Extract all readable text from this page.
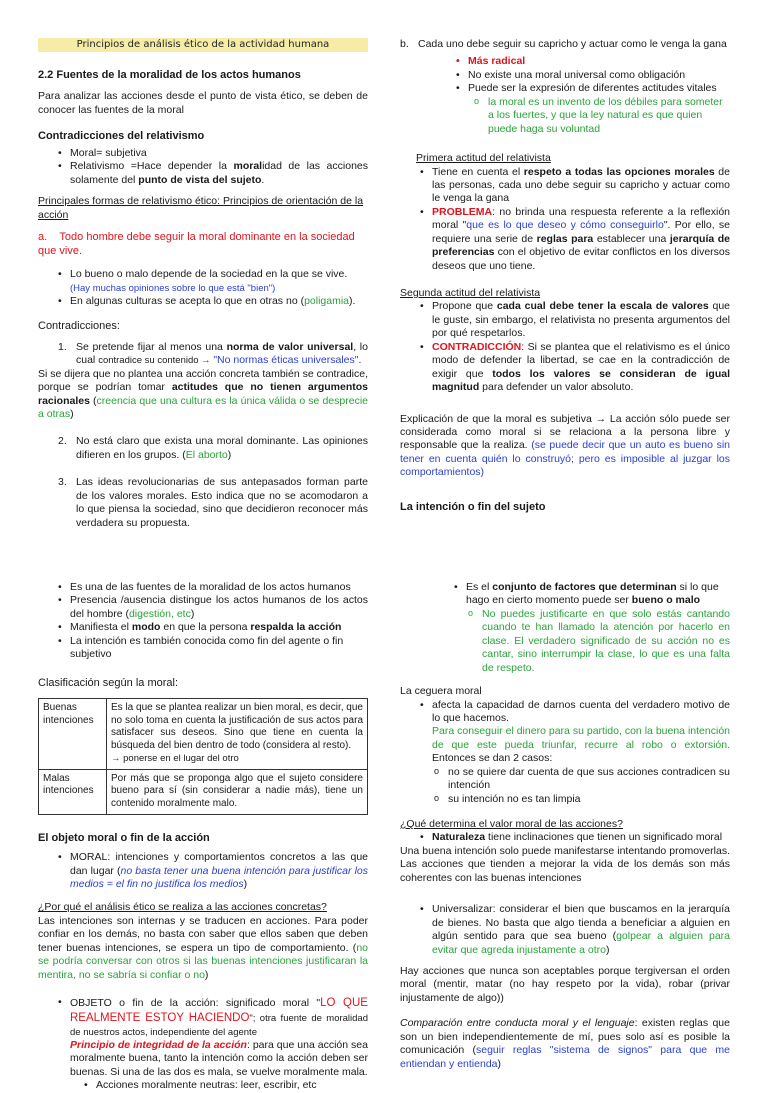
Principios de análisis ético de la actividad humana
2.2 Fuentes de la moralidad de los actos humanos

Para analizar las acciones desde el punto de vista ético, se deben de conocer las fuentes de la moral

Contradicciones del relativismo
• Moral= subjetiva
• Relativismo =Hace depender la moralidad de las acciones solamente del punto de vista del sujeto.

Principales formas de relativismo ético: Principios de orientación de la acción

a. Todo hombre debe seguir la moral dominante en la sociedad que vive.

• Lo bueno o malo depende de la sociedad en la que se vive.
(Hay muchas opiniones sobre lo que está "bien")
• En algunas culturas se acepta lo que en otras no (poligamia).

Contradicciones:

1. Se pretende fijar al menos una norma de valor universal, lo cual contradice su contenido → "No normas éticas universales".

Si se dijera que no plantea una acción concreta también se contradice, porque se podrían tomar actitudes que no tienen argumentos racionales (creencia que una cultura es la única válida o se desprecie a otras)

2. No está claro que exista una moral dominante. Las opiniones difieren en los grupos. (El aborto)
3. Las ideas revolucionarias de sus antepasados forman parte de los valores morales. Esto indica que no se acomodaron a lo que piensa la sociedad, sino que decidieron reconocer más verdadera su propuesta.
b. Cada uno debe seguir su capricho y actuar como le venga la gana
• Más radical
• No existe una moral universal como obligación
• Puede ser la expresión de diferentes actitudes vitales
o la moral es un invento de los débiles para someter a los fuertes, y que la ley natural es que quien puede haga su voluntad

Primera actitud del relativista

• Tiene en cuenta el respeto a todas las opciones morales de las personas, cada uno debe seguir su capricho y actuar como le venga la gana
• PROBLEMA: no brinda una respuesta referente a la reflexión moral "que es lo que deseo y cómo conseguirlo". Por ello, se requiere una serie de reglas para establecer una jerarquía de preferencias con el objetivo de evitar conflictos en los diversos deseos que uno tiene.

Segunda actitud del relativista

• Propone que cada cual debe tener la escala de valores que le guste, sin embargo, el relativista no presenta argumentos del por qué respetarlos.
• CONTRADICCIÓN: Si se plantea que el relativismo es el único modo de defender la libertad, se cae en la contradicción de exigir que todos los valores se consideran de igual magnitud para defender un valor absoluto.

Explicación de que la moral es subjetiva → La acción sólo puede ser considerada como moral si se relaciona a la persona libre y responsable que la realiza. (se puede decir que un auto es bueno sin tener en cuenta quién lo construyó; pero es imposible al juzgar los comportamientos)

La intención o fin del sujeto
• Es una de las fuentes de la moralidad de los actos humanos
• Presencia /ausencia distingue los actos humanos de los actos del hombre (digestión, etc)
• Manifiesta el modo en que la persona respalda la acción
• La intención es también conocida como fin del agente o fin subjetivo

Clasificación según la moral:

Buenas intenciones	Es la que se plantea realizar un bien moral, es decir, que no solo toma en cuenta la justificación de sus actos para satisfacer sus deseos. Sino que tiene en cuenta la búsqueda del bien dentro de todo (considera al resto).
→ ponerse en el lugar del otro
Malas intenciones	Por más que se proponga algo que el sujeto considere bueno para sí (sin considerar a nadie más), tiene un contenido moralmente malo.
El objeto moral o fin de la acción
• MORAL: intenciones y comportamientos concretos a las que dan lugar (no basta tener una buena intención para justificar los medios = el fin no justifica los medios)

¿Por qué el análisis ético se realiza a las acciones concretas?

Las intenciones son internas y se traducen en acciones. Para poder confiar en los demás, no basta con saber que ellos saben que deben tener buenas intenciones, se espera un tipo de comportamiento. (no se podría conversar con otros si las buenas intenciones justificaran la mentira, no se sabría si confiar o no)

• OBJETO o fin de la acción: significado moral "LO QUE REALMENTE ESTOY HACIENDO"; otra fuente de moralidad de nuestros actos, independiente del agente
Principio de integridad de la acción: para que una acción sea moralmente buena, tanto la intención como la acción deben ser buenas. Si una de las dos es mala, se vuelve moralmente mala.
• Acciones moralmente neutras: leer, escribir, etc
• Es el conjunto de factores que determinan si lo que hago en cierto momento puede ser bueno o malo
o No puedes justificarte en que solo estás cantando cuando te han llamado la atención por hacerlo en clase. El verdadero significado de su acción no es cantar, sino interrumpir la clase, lo que es una falta de respeto.

La ceguera moral

• afecta la capacidad de darnos cuenta del verdadero motivo de lo que hacemos.
Para conseguir el dinero para su partido, con la buena intención de que este pueda triunfar, recurre al robo o extorsión. Entonces se dan 2 casos:
o no se quiere dar cuenta de que sus acciones contradicen su intención
o su intención no es tan limpia

¿Qué determina el valor moral de las acciones?

• Naturaleza tiene inclinaciones que tienen un significado moral

Una buena intención solo puede manifestarse intentando promoverlas. Las acciones que tienden a mejorar la vida de los demás son más coherentes con las buenas intenciones

• Universalizar: considerar el bien que buscamos en la jerarquía de bienes. No basta que algo tienda a beneficiar a alguien en algún sentido para que sea bueno (golpear a alguien para evitar que agreda injustamente a otro)

Hay acciones que nunca son aceptables porque tergiversan el orden moral (mentir, matar (no hay respeto por la vida), robar (privar injustamente de algo))

Comparación entre conducta moral y el lenguaje: existen reglas que son un bien independientemente de mí, pues solo así es posible la comunicación (seguir reglas "sistema de signos" para que me entiendan y entienda)
